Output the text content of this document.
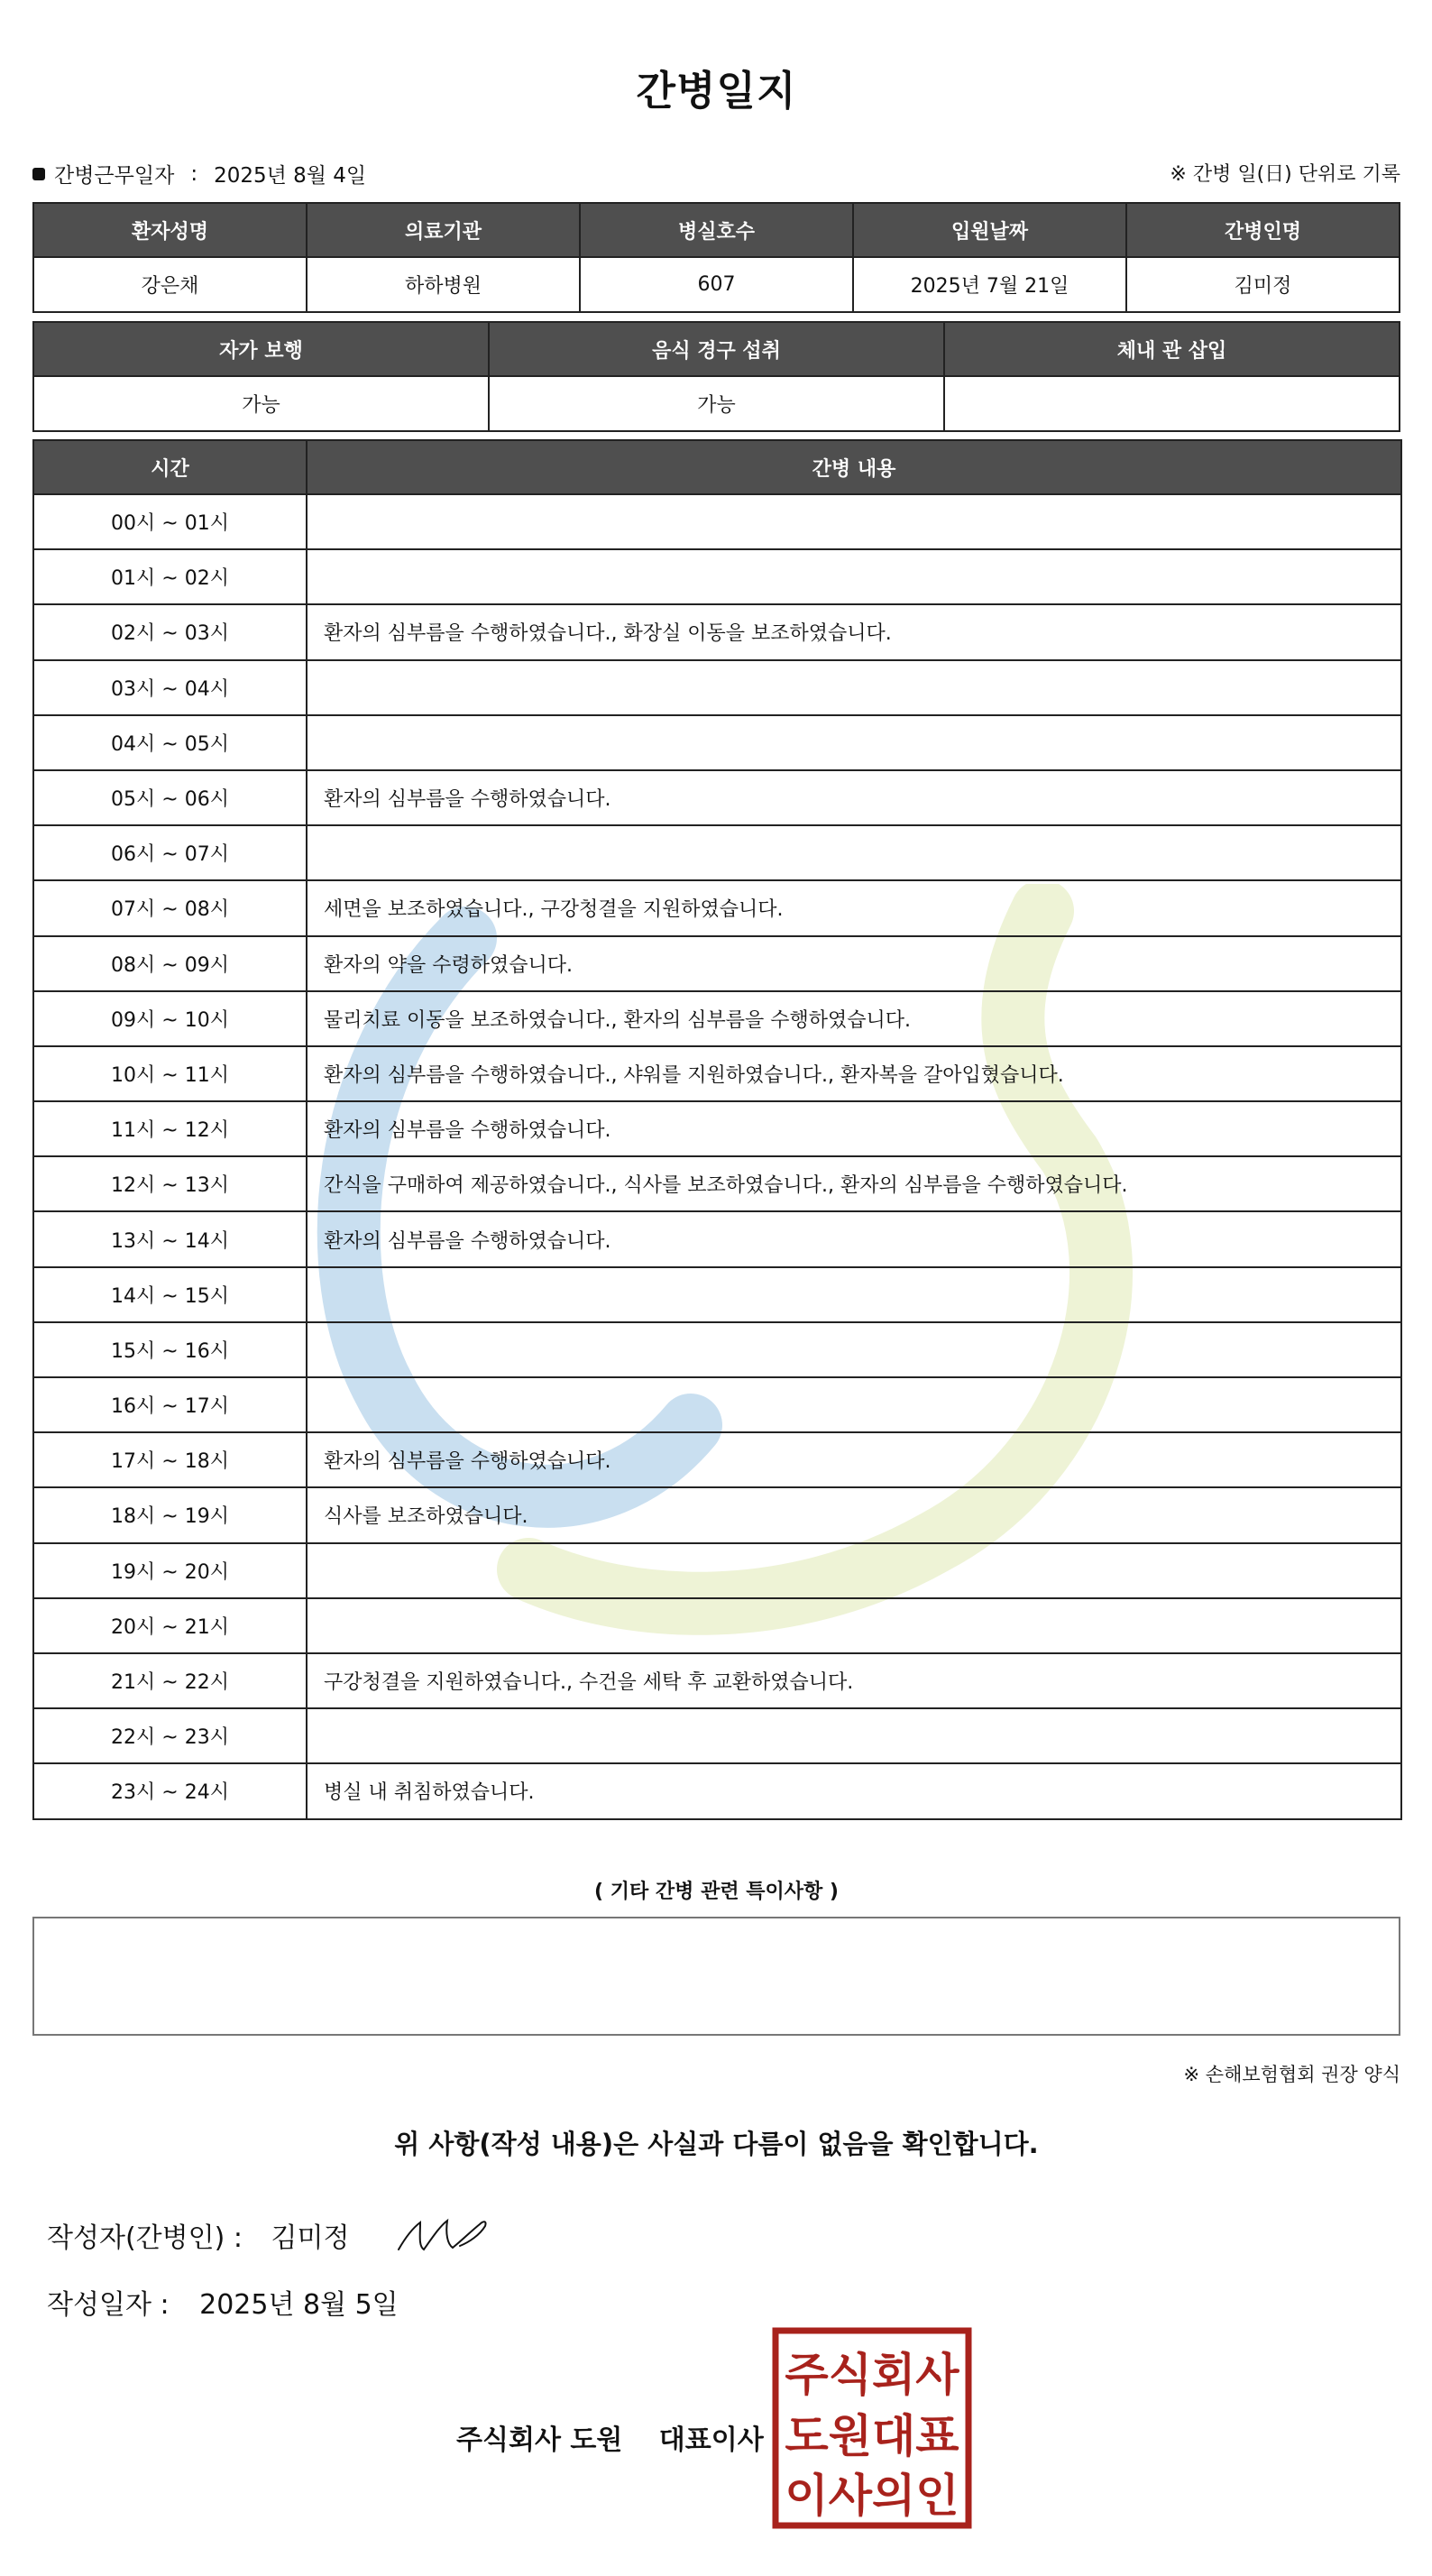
간병일지
간병근무일자 : 2025년 8월 4일	※ 간병 일(日) 단위로 기록
환자성명	의료기관	병실호수	입원날짜	간병인명
강은채	하하병원	607	2025년 7월 21일	김미정
자가 보행	음식 경구 섭취	체내 관 삽입
가능	가능	
시간	간병 내용
00시 ~ 01시	
01시 ~ 02시	
02시 ~ 03시	환자의 심부름을 수행하였습니다., 화장실 이동을 보조하였습니다.
03시 ~ 04시	
04시 ~ 05시	
05시 ~ 06시	환자의 심부름을 수행하였습니다.
06시 ~ 07시	
07시 ~ 08시	세면을 보조하였습니다., 구강청결을 지원하였습니다.
08시 ~ 09시	환자의 약을 수령하였습니다.
09시 ~ 10시	물리치료 이동을 보조하였습니다., 환자의 심부름을 수행하였습니다.
10시 ~ 11시	환자의 심부름을 수행하였습니다., 샤워를 지원하였습니다., 환자복을 갈아입혔습니다.
11시 ~ 12시	환자의 심부름을 수행하였습니다.
12시 ~ 13시	간식을 구매하여 제공하였습니다., 식사를 보조하였습니다., 환자의 심부름을 수행하였습니다.
13시 ~ 14시	환자의 심부름을 수행하였습니다.
14시 ~ 15시	
15시 ~ 16시	
16시 ~ 17시	
17시 ~ 18시	환자의 심부름을 수행하였습니다.
18시 ~ 19시	식사를 보조하였습니다.
19시 ~ 20시	
20시 ~ 21시	
21시 ~ 22시	구강청결을 지원하였습니다., 수건을 세탁 후 교환하였습니다.
22시 ~ 23시	
23시 ~ 24시	병실 내 취침하였습니다.
( 기타 간병 관련 특이사항 )
※ 손해보험협회 권장 양식
위 사항(작성 내용)은 사실과 다름이 없음을 확인합니다.
작성자(간병인) : 김미정
작성일자 : 2025년 8월 5일
주식회사 도원 대표이사
주식회사
도원대표
이사의인
